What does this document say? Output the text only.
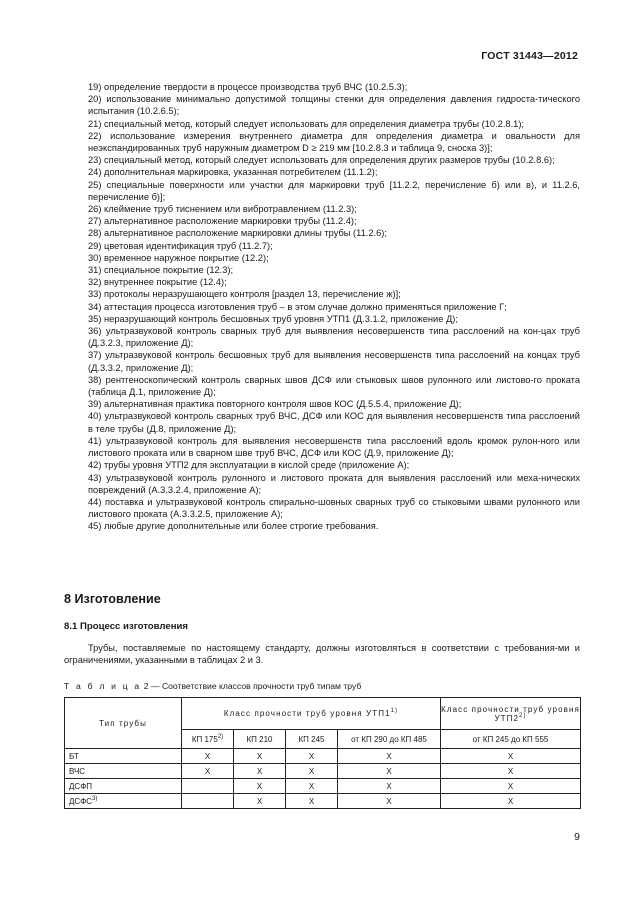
ГОСТ 31443—2012
19) определение твердости в процессе производства труб ВЧС (10.2.5.3);
20) использование минимально допустимой толщины стенки для определения давления гидроста-тического испытания (10.2.6.5);
21) специальный метод, который следует использовать для определения диаметра трубы (10.2.8.1);
22) использование измерения внутреннего диаметра для определения диаметра и овальности для нeэкспандированных труб наружным диаметром D ≥ 219 мм [10.2.8.3 и таблица 9, сноска 3)];
23) специальный метод, который следует использовать для определения других размеров трубы (10.2.8.6);
24) дополнительная маркировка, указанная потребителем (11.1.2);
25) специальные поверхности или участки для маркировки труб [11.2.2, перечисление б) или в), и 11.2.6, перечисление б)];
26) клеймение труб тиснением или вибротравлением (11.2.3);
27) альтернативное расположение маркировки трубы (11.2.4);
28) альтернативное расположение маркировки длины трубы (11.2.6);
29) цветовая идентификация труб (11.2.7);
30) временное наружное покрытие (12.2);
31) специальное покрытие (12.3);
32) внутреннее покрытие (12.4);
33) протоколы неразрушающего контроля [раздел 13, перечисление ж)];
34) аттестация процесса изготовления труб – в этом случае должно применяться приложение Г;
35) неразрушающий контроль бесшовных труб уровня УТП1 (Д.3.1.2, приложение Д);
36) ультразвуковой контроль сварных труб для выявления несовершенств типа расслоений на кон-цах труб (Д.3.2.3, приложение Д);
37) ультразвуковой контроль бесшовных труб для выявления несовершенств типа расслоений на концах труб (Д.3.3.2, приложение Д);
38) рентгеноскопический контроль сварных швов ДСФ или стыковых швов рулонного или листово-го проката (таблица Д.1, приложение Д);
39) альтернативная практика повторного контроля швов КОС (Д.5.5.4, приложение Д);
40) ультразвуковой контроль сварных труб ВЧС, ДСФ или КОС для выявления несовершенств типа расслоений в теле трубы (Д.8, приложение Д);
41) ультразвуковой контроль для выявления несовершенств типа расслоений вдоль кромок рулон-ного или листового проката или в сварном шве труб ВЧС, ДСФ или КОС (Д.9, приложение Д);
42) трубы уровня УТП2 для эксплуатации в кислой среде (приложение А);
43) ультразвуковой контроль рулонного и листового проката для выявления расслоений или меха-нических повреждений (А.3.3.2.4, приложение А);
44) поставка и ультразвуковой контроль спирально-шовных сварных труб со стыковыми швами рулонного или листового проката (А.3.3.2.5, приложение А);
45) любые другие дополнительные или более строгие требования.
8 Изготовление
8.1 Процесс изготовления
Трубы, поставляемые по настоящему стандарту, должны изготовляться в соответствии с требования-ми и ограничениями, указанными в таблицах 2 и 3.
Т а б л и ц а 2 — Соответствие классов прочности труб типам труб
Тип трубы	Класс прочности труб уровня УТП1$^{1)}$				Класс прочности труб уровня УТП2$^{2)}$
	КП 175$^{2)}$	КП 210	КП 245	от КП 290 до КП 485	от КП 245 до КП 555
БТ	X	X	X	X	X
ВЧС	X	X	X	X	X
ДСФП		X	X	X	X
ДСФС$^{3)}$		X	X	X	X
9
